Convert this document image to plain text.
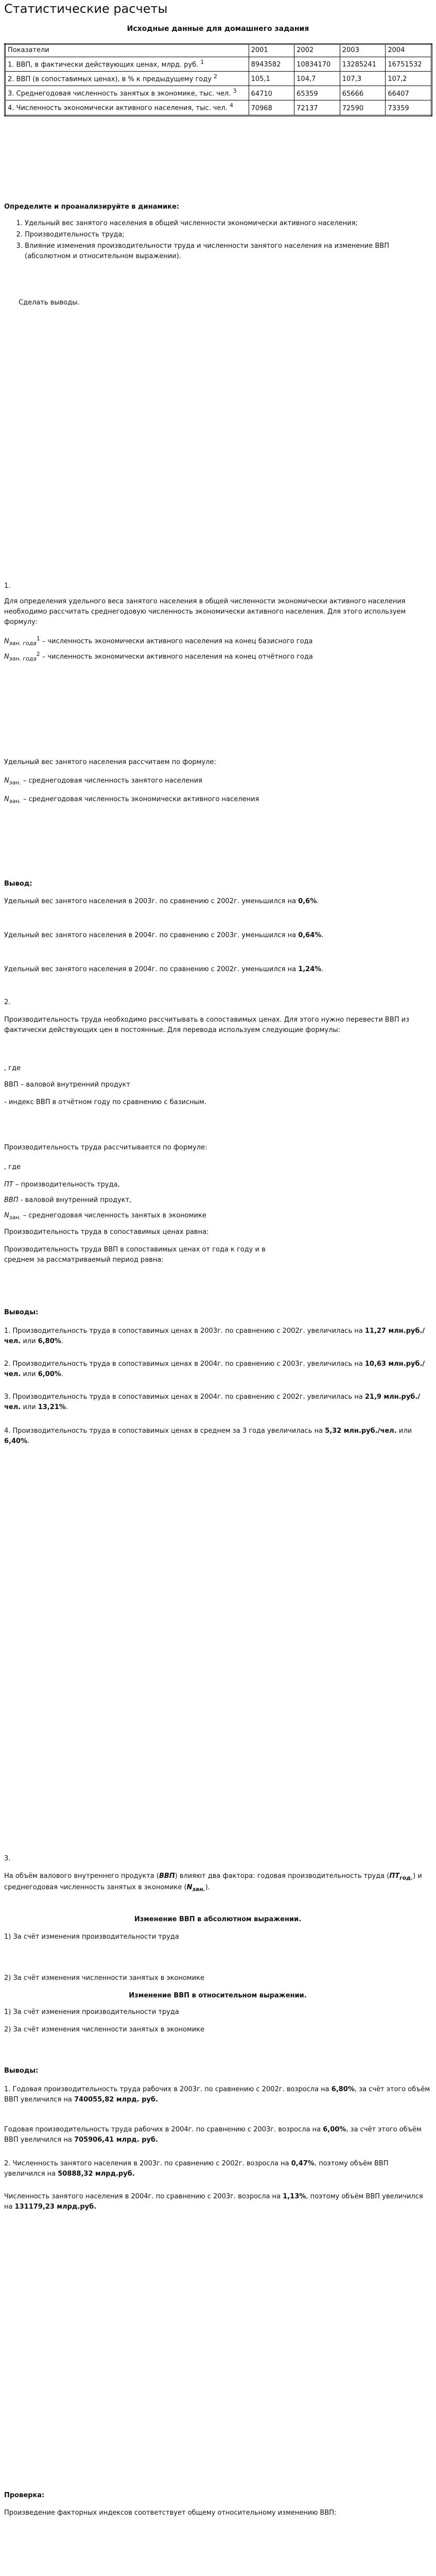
Статистические расчеты
Исходные данные для домашнего задания
Показатели	2001	2002	2003	2004
1. ВВП, в фактически действующих ценах, млрд. руб. $^1$	8943582	10834170	13285241	16751532
2. ВВП (в сопоставимых ценах), в % к предыдущему году $^2$	105,1	104,7	107,3	107,2
3. Среднегодовая численность занятых в экономике, тыс. чел. $^3$	64710	65359	65666	66407
4. Численность экономически активного населения, тыс. чел. $^4$	70968	72137	72590	73359
Определите и проанализируйте в динамике:
1. Удельный вес занятого населения в общей численности экономически активного населения;
2. Производительность труда;
3. Влияние изменения производительности труда и численности занятого населения на изменение ВВП (абсолютном и относительном выражении).
Сделать выводы.
1.

Для определения удельного веса занятого населения в общей численности экономически активного населения необходимо рассчитать среднегодовую численность экономически активного населения. Для этого используем формулу:

$N_{эан. года}^1$ – численность экономически активного населения на конец базисного года

$N_{эан. года}^2$ – численность экономически активного населения на конец отчётного года

Удельный вес занятого населения рассчитаем по формуле:

$N_{зан.}$ – среднегодовая численность занятого населения

$N_{эан.}$ – среднегодовая численность экономически активного населения

Вывод:

Удельный вес занятого населения в 2003г. по сравнению с 2002г. уменьшился на 0,6%.

Удельный вес занятого населения в 2004г. по сравнению с 2003г. уменьшился на 0,64%.

Удельный вес занятого населения в 2004г. по сравнению с 2002г. уменьшился на 1,24%.

2.

Производительность труда необходимо рассчитывать в сопоставимых ценах. Для этого нужно перевести ВВП из фактически действующих цен в постоянные. Для перевода используем следующие формулы:

, где

ВВП – валовой внутренний продукт

- индекс ВВП в отчётном году по сравнению с базисным.

Производительность труда рассчитывается по формуле:

, где

ПТ – производительность труда,

ВВП - валовой внутренний продукт,

$N_{зан.}$ – среднегодовая численность занятых в экономике

Производительность труда в сопоставимых ценах равна:

Производительность труда ВВП в сопоставимых ценах от года к году и в среднем за рассматриваемый период равна:

Выводы:

1. Производительность труда в сопоставимых ценах в 2003г. по сравнению с 2002г. увеличилась на 11,27 млн.руб./чел. или 6,80%.

2. Производительность труда в сопоставимых ценах в 2004г. по сравнению с 2003г. увеличилась на 10,63 млн.руб./чел. или 6,00%.

3. Производительность труда в сопоставимых ценах в 2004г. по сравнению с 2002г. увеличилась на 21,9 млн.руб./чел. или 13,21%.

4. Производительность труда в сопоставимых ценах в среднем за 3 года увеличилась на 5,32 млн.руб./чел. или 6,40%.

3.

На объём валового внутреннего продукта (ВВП) влияют два фактора: годовая производительность труда $(ПТ_{год.})$ и среднегодовая численность занятых в экономике $(N_{зан.})$.

Изменение ВВП в абсолютном выражении.

1) За счёт изменения производительности труда

2) За счёт изменения численности занятых в экономике

Изменение ВВП в относительном выражении.

1) За счёт изменения производительности труда

2) За счёт изменения численности занятых в экономике

Выводы:

1. Годовая производительность труда рабочих в 2003г. по сравнению с 2002г. возросла на 6,80%, за счёт этого объём ВВП увеличился на 740055,82 млрд. руб.

Годовая производительность труда рабочих в 2004г. по сравнению с 2003г. возросла на 6,00%, за счёт этого объём ВВП увеличился на 705906,41 млрд. руб.

2. Численность занятого населения в 2003г. по сравнению с 2002г. возросла на 0,47%, поэтому объём ВВП увеличился на 50888,32 млрд.руб.

Численность занятого населения в 2004г. по сравнению с 2003г. возросла на 1,13%, поэтому объём ВВП увеличился на 131179,23 млрд.руб.

Проверка:

Произведение факторных индексов соответствует общему относительному изменению ВВП:
